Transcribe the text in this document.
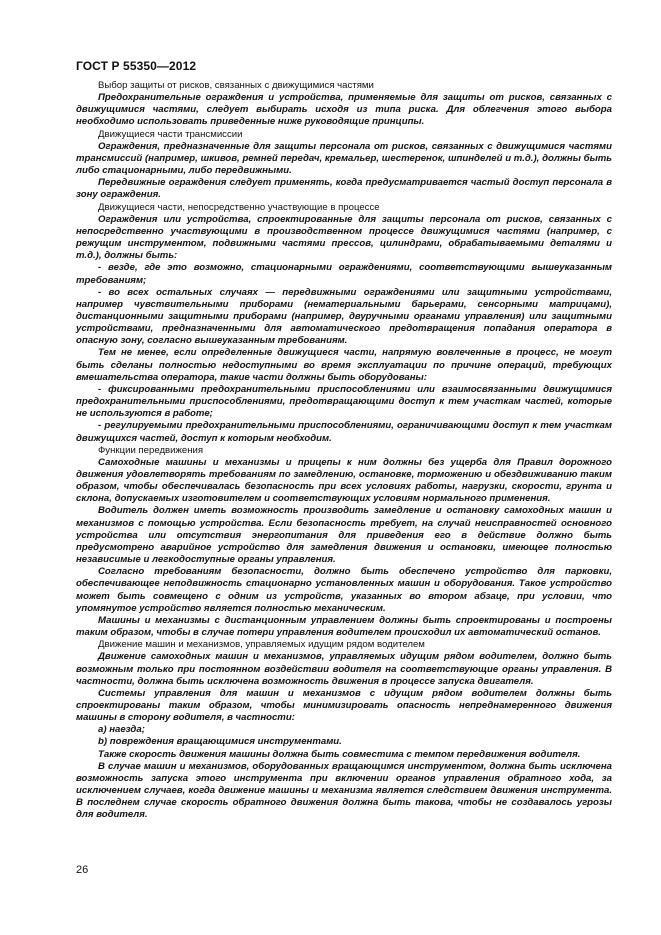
ГОСТ Р 55350—2012

Выбор защиты от рисков, связанных с движущимися частями

Предохранительные ограждения и устройства, применяемые для защиты от рисков, связанных с движущимися частями, следует выбирать исходя из типа риска. Для облегчения этого выбора необходимо использовать приведенные ниже руководящие принципы.

Движущиеся части трансмиссии

Ограждения, предназначенные для защиты персонала от рисков, связанных с движущимися частями трансмиссий (например, шкивов, ремней передач, кремальер, шестеренок, шпинделей и т.д.), должны быть либо стационарными, либо передвижными.

Передвижные ограждения следует применять, когда предусматривается частый доступ персонала в зону ограждения.

Движущиеся части, непосредственно участвующие в процессе

Ограждения или устройства, спроектированные для защиты персонала от рисков, связанных с непосредственно участвующими в производственном процессе движущимися частями (например, с режущим инструментом, подвижными частями прессов, цилиндрами, обрабатываемыми деталями и т.д.), должны быть:

- везде, где это возможно, стационарными ограждениями, соответствующими вышеуказанным требованиям;

- во всех остальных случаях — передвижными ограждениями или защитными устройствами, например чувствительными приборами (нематериальными барьерами, сенсорными матрицами), дистанционными защитными приборами (например, двуручными органами управления) или защитными устройствами, предназначенными для автоматического предотвращения попадания оператора в опасную зону, согласно вышеуказанным требованиям.

Тем не менее, если определенные движущиеся части, напрямую вовлеченные в процесс, не могут быть сделаны полностью недоступными во время эксплуатации по причине операций, требующих вмешательства оператора, такие части должны быть оборудованы:

- фиксированными предохранительными приспособлениями или взаимосвязанными движущимися предохранительными приспособлениями, предотвращающими доступ к тем участкам частей, которые не используются в работе;

- регулируемыми предохранительными приспособлениями, ограничивающими доступ к тем участкам движущихся частей, доступ к которым необходим.

Функции передвижения

Самоходные машины и механизмы и прицепы к ним должны без ущерба для Правил дорожного движения удовлетворять требованиям по замедлению, остановке, торможению и обездвиживанию таким образом, чтобы обеспечивалась безопасность при всех условиях работы, нагрузки, скорости, грунта и склона, допускаемых изготовителем и соответствующих условиям нормального применения.

Водитель должен иметь возможность производить замедление и остановку самоходных машин и механизмов с помощью устройства. Если безопасность требует, на случай неисправностей основного устройства или отсутствия энергопитания для приведения его в действие должно быть предусмотрено аварийное устройство для замедления движения и остановки, имеющее полностью независимые и легкодоступные органы управления.

Согласно требованиям безопасности, должно быть обеспечено устройство для парковки, обеспечивающее неподвижность стационарно установленных машин и оборудования. Такое устройство может быть совмещено с одним из устройств, указанных во втором абзаце, при условии, что упомянутое устройство является полностью механическим.

Машины и механизмы с дистанционным управлением должны быть спроектированы и построены таким образом, чтобы в случае потери управления водителем происходил их автоматический останов.

Движение машин и механизмов, управляемых идущим рядом водителем

Движение самоходных машин и механизмов, управляемых идущим рядом водителем, должно быть возможным только при постоянном воздействии водителя на соответствующие органы управления. В частности, должна быть исключена возможность движения в процессе запуска двигателя.

Системы управления для машин и механизмов с идущим рядом водителем должны быть спроектированы таким образом, чтобы минимизировать опасность непреднамеренного движения машины в сторону водителя, в частности:

а) наезда;

b) повреждения вращающимися инструментами.

Также скорость движения машины должна быть совместима с темпом передвижения водителя.

В случае машин и механизмов, оборудованных вращающимся инструментом, должна быть исключена возможность запуска этого инструмента при включении органов управления обратного хода, за исключением случаев, когда движение машины и механизма является следствием движения инструмента. В последнем случае скорость обратного движения должна быть такова, чтобы не создавалось угрозы для водителя.

26
